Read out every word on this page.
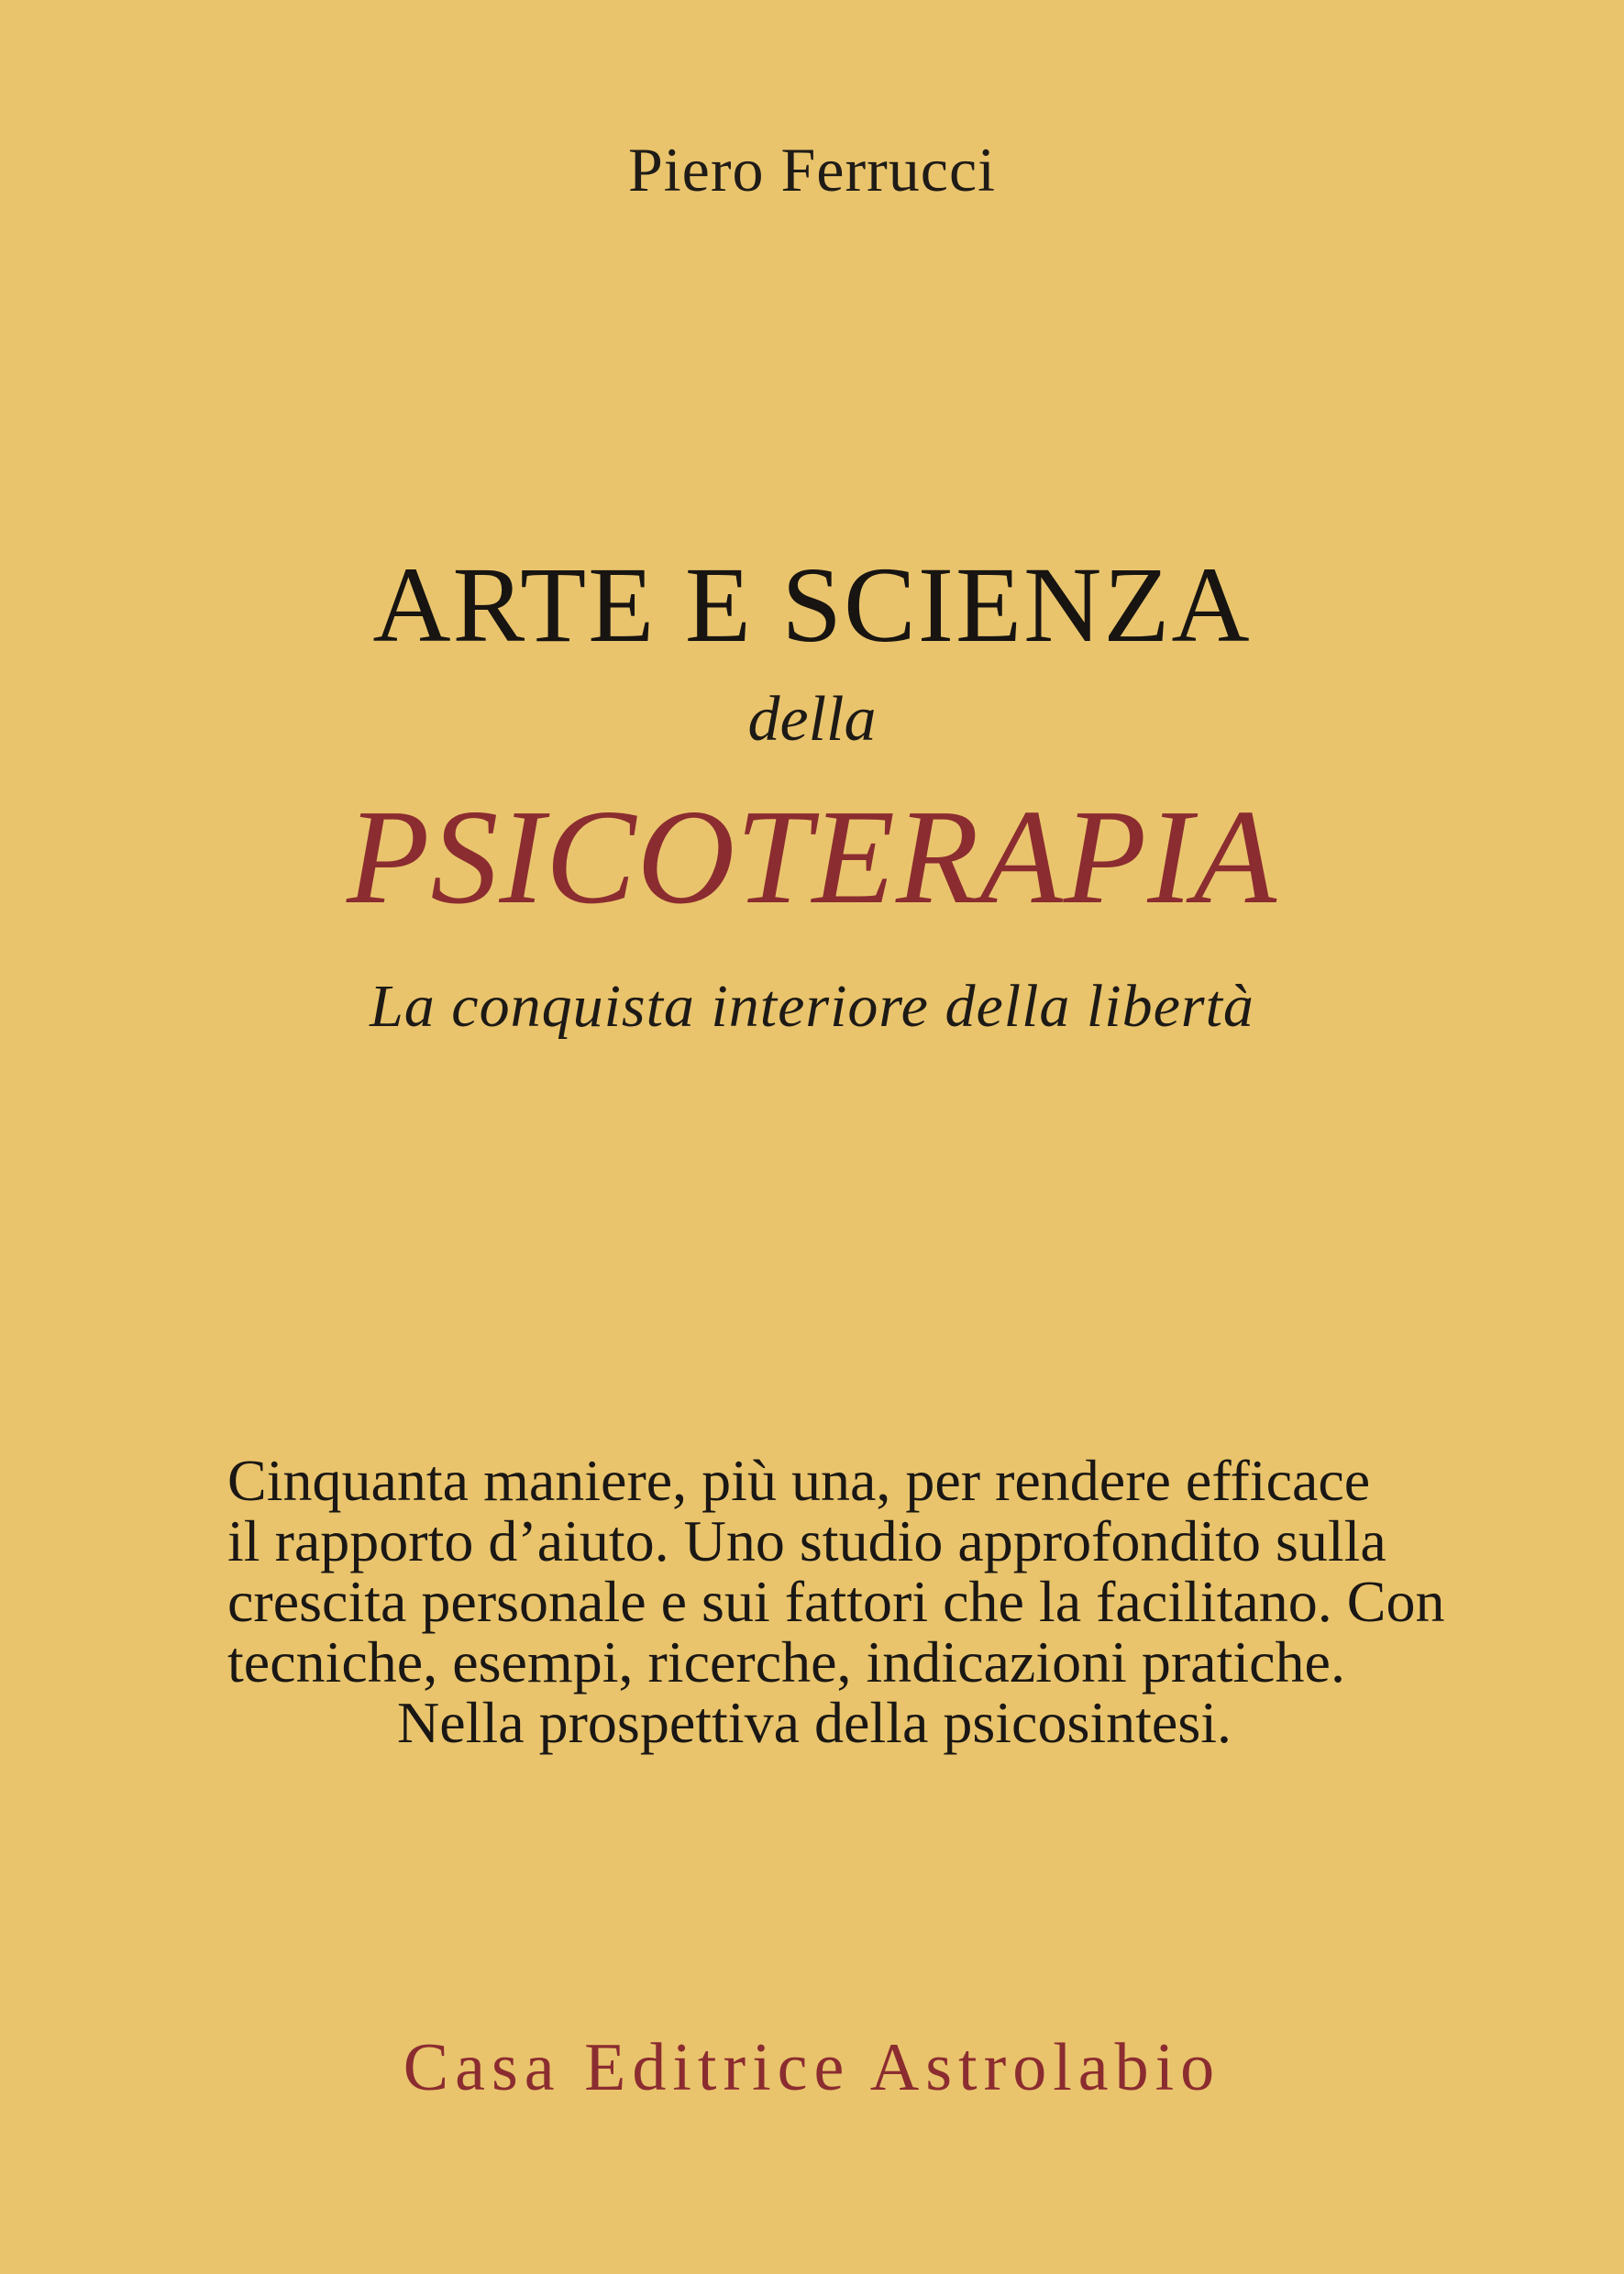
Piero Ferrucci
ARTE E SCIENZA
della
PSICOTERAPIA
La conquista interiore della libertà
Cinquanta maniere, più una, per rendere efficace
il rapporto d’aiuto. Uno studio approfondito sulla
crescita personale e sui fattori che la facilitano. Con
tecniche, esempi, ricerche, indicazioni pratiche.
Nella prospettiva della psicosintesi.
Casa Editrice Astrolabio
